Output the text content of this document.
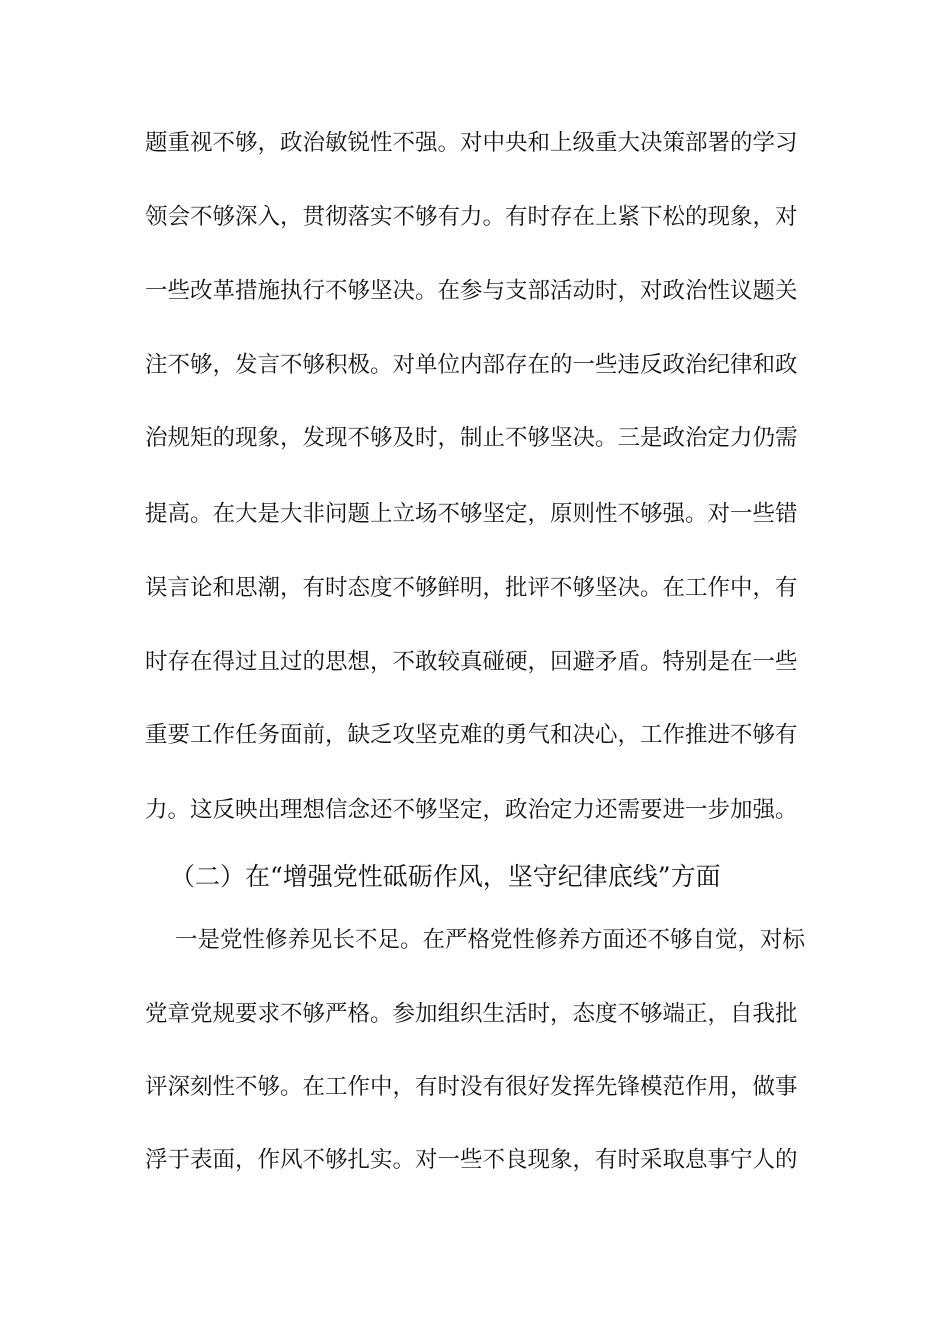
题重视不够，政治敏锐性不强。对中央和上级重大决策部署的学习
领会不够深入，贯彻落实不够有力。有时存在上紧下松的现象，对
一些改革措施执行不够坚决。在参与支部活动时，对政治性议题关
注不够，发言不够积极。对单位内部存在的一些违反政治纪律和政
治规矩的现象，发现不够及时，制止不够坚决。三是政治定力仍需
提高。在大是大非问题上立场不够坚定，原则性不够强。对一些错
误言论和思潮，有时态度不够鲜明，批评不够坚决。在工作中，有
时存在得过且过的思想，不敢较真碰硬，回避矛盾。特别是在一些
重要工作任务面前，缺乏攻坚克难的勇气和决心，工作推进不够有
力。这反映出理想信念还不够坚定，政治定力还需要进一步加强。
（二）在“增强党性砥砺作风，坚守纪律底线”方面
一是党性修养见长不足。在严格党性修养方面还不够自觉，对标
党章党规要求不够严格。参加组织生活时，态度不够端正，自我批
评深刻性不够。在工作中，有时没有很好发挥先锋模范作用，做事
浮于表面，作风不够扎实。对一些不良现象，有时采取息事宁人的
